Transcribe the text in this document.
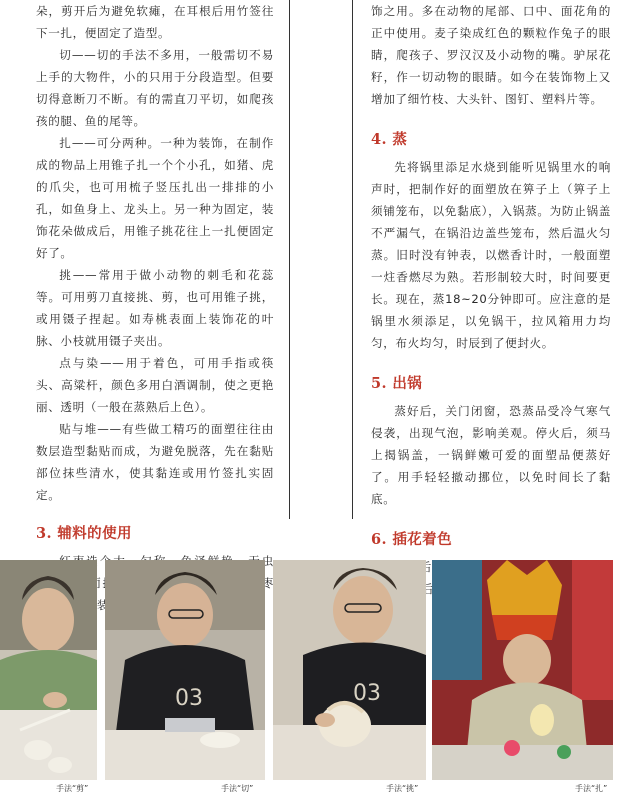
朵，剪开后为避免软瘫，在耳根后用竹签往下一扎，便固定了造型。

切——切的手法不多用，一般需切不易上手的大物件，小的只用于分段造型。但要切得意断刀不断。有的需直刀平切，如爬孩孩的腿、鱼的尾等。

扎——可分两种。一种为装饰，在制作成的物品上用锥子扎一个个小孔，如猪、虎的爪尖，也可用梳子竖压扎出一排排的小孔，如鱼身上、龙头上。另一种为固定，装饰花朵做成后，用锥子挑花往上一扎便固定好了。

挑——常用于做小动物的刺毛和花蕊等。可用剪刀直接挑、剪，也可用锥子挑，或用镊子捏起。如寿桃表面上装饰花的叶脉、小枝就用镊子夹出。

点与染——用于着色，可用手指或筷头、高粱杆，颜色多用白酒调制，使之更艳丽、透明（一般在蒸熟后上色）。

贴与堆——有些做工精巧的面塑往往由数层造型黏贴而成，为避免脱落，先在黏贴部位抹些清水，使其黏连或用竹签扎实固定。

3. 辅料的使用

饰之用。多在动物的尾部、口中、面花角的正中使用。麦子染成红色的颗粒作兔子的眼睛，爬孩子、罗汉汉及小动物的嘴。驴尿花籽，作一切动物的眼睛。如今在装饰物上又增加了细竹枝、大头针、图钉、塑料片等。

4. 蒸

先将锅里添足水烧到能听见锅里水的响声时，把制作好的面塑放在箅子上（箅子上须铺笼布，以免黏底），入锅蒸。为防止锅盖不严漏气，在锅沿边盖些笼布，然后温火匀蒸。旧时没有钟表，以燃香计时，一般面塑一炷香燃尽为熟。若形制较大时，时间要更长。现在，蒸18~20分钟即可。应注意的是锅里水须添足，以免锅干，拉风箱用力均匀，布火均匀，时辰到了便封火。

5. 出锅

蒸好后，关门闭窗，恐蒸品受冷气寒气侵袭，出现气泡，影响美观。停火后，须马上揭锅盖，一锅鲜嫩可爱的面塑品便蒸好了。用手轻轻撤动挪位，以免时间长了黏底。

6. 插花着色

手法“剪”
03
手法“切”
03
手法“挑”	手法“扎”
